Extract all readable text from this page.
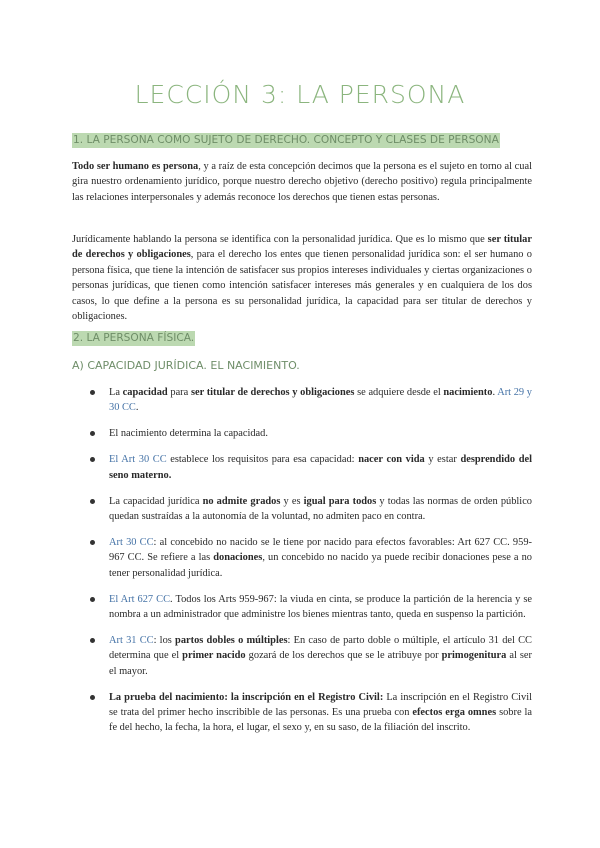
LECCIÓN 3: LA PERSONA
1. LA PERSONA COMO SUJETO DE DERECHO. CONCEPTO Y CLASES DE PERSONA

Todo ser humano es persona, y a raíz de esta concepción decimos que la persona es el sujeto en torno al cual gira nuestro ordenamiento jurídico, porque nuestro derecho objetivo (derecho positivo) regula principalmente las relaciones interpersonales y además reconoce los derechos que tienen estas personas.

Jurídicamente hablando la persona se identifica con la personalidad jurídica. Que es lo mismo que ser titular de derechos y obligaciones, para el derecho los entes que tienen personalidad jurídica son: el ser humano o persona física, que tiene la intención de satisfacer sus propios intereses individuales y ciertas organizaciones o personas jurídicas, que tienen como intención satisfacer intereses más generales y en cualquiera de los dos casos, lo que define a la persona es su personalidad jurídica, la capacidad para ser titular de derechos y obligaciones.

2. LA PERSONA FÍSICA.
A) CAPACIDAD JURÍDICA. EL NACIMIENTO.
La capacidad para ser titular de derechos y obligaciones se adquiere desde el nacimiento. Art 29 y 30 CC.
El nacimiento determina la capacidad.
El Art 30 CC establece los requisitos para esa capacidad: nacer con vida y estar desprendido del seno materno.
La capacidad jurídica no admite grados y es igual para todos y todas las normas de orden público quedan sustraídas a la autonomía de la voluntad, no admiten paco en contra.
Art 30 CC: al concebido no nacido se le tiene por nacido para efectos favorables: Art 627 CC. 959-967 CC. Se refiere a las donaciones, un concebido no nacido ya puede recibir donaciones pese a no tener personalidad jurídica.
El Art 627 CC. Todos los Arts 959-967: la viuda en cinta, se produce la partición de la herencia y se nombra a un administrador que administre los bienes mientras tanto, queda en suspenso la partición.
Art 31 CC: los partos dobles o múltiples: En caso de parto doble o múltiple, el artículo 31 del CC determina que el primer nacido gozará de los derechos que se le atribuye por primogenitura al ser el mayor.
La prueba del nacimiento: la inscripción en el Registro Civil: La inscripción en el Registro Civil se trata del primer hecho inscribible de las personas. Es una prueba con efectos erga omnes sobre la fe del hecho, la fecha, la hora, el lugar, el sexo y, en su saso, de la filiación del inscrito.
